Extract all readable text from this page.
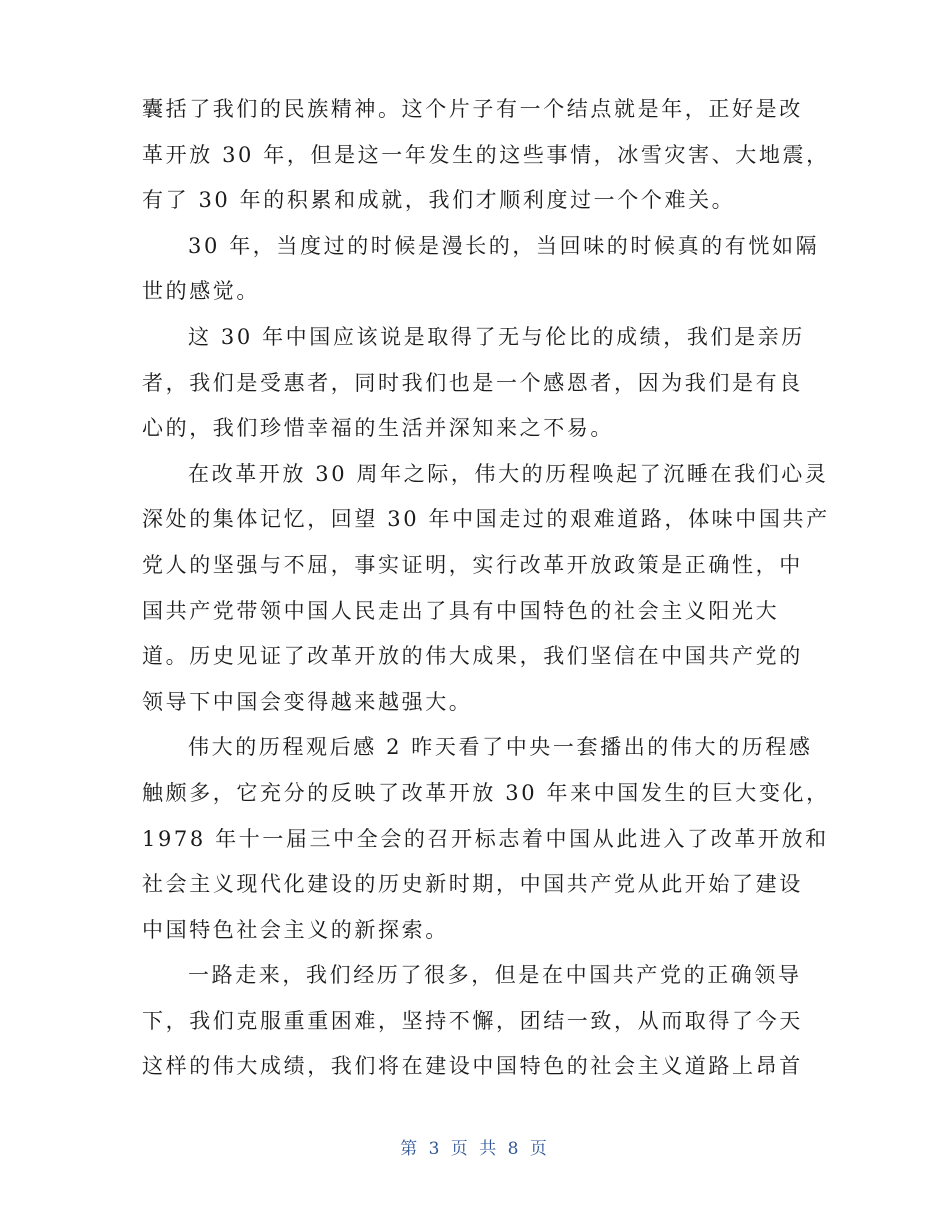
囊括了我们的民族精神。这个片子有一个结点就是年，正好是改
革开放 30 年，但是这一年发生的这些事情，冰雪灾害、大地震，
有了 30 年的积累和成就，我们才顺利度过一个个难关。
30 年，当度过的时候是漫长的，当回味的时候真的有恍如隔
世的感觉。
这 30 年中国应该说是取得了无与伦比的成绩，我们是亲历
者，我们是受惠者，同时我们也是一个感恩者，因为我们是有良
心的，我们珍惜幸福的生活并深知来之不易。
在改革开放 30 周年之际，伟大的历程唤起了沉睡在我们心灵
深处的集体记忆，回望 30 年中国走过的艰难道路，体味中国共产
党人的坚强与不屈，事实证明，实行改革开放政策是正确性，中
国共产党带领中国人民走出了具有中国特色的社会主义阳光大
道。历史见证了改革开放的伟大成果，我们坚信在中国共产党的
领导下中国会变得越来越强大。
伟大的历程观后感 2 昨天看了中央一套播出的伟大的历程感
触颇多，它充分的反映了改革开放 30 年来中国发生的巨大变化，
1978 年十一届三中全会的召开标志着中国从此进入了改革开放和
社会主义现代化建设的历史新时期，中国共产党从此开始了建设
中国特色社会主义的新探索。
一路走来，我们经历了很多，但是在中国共产党的正确领导
下，我们克服重重困难，坚持不懈，团结一致，从而取得了今天
这样的伟大成绩，我们将在建设中国特色的社会主义道路上昂首
第 3 页 共 8 页
